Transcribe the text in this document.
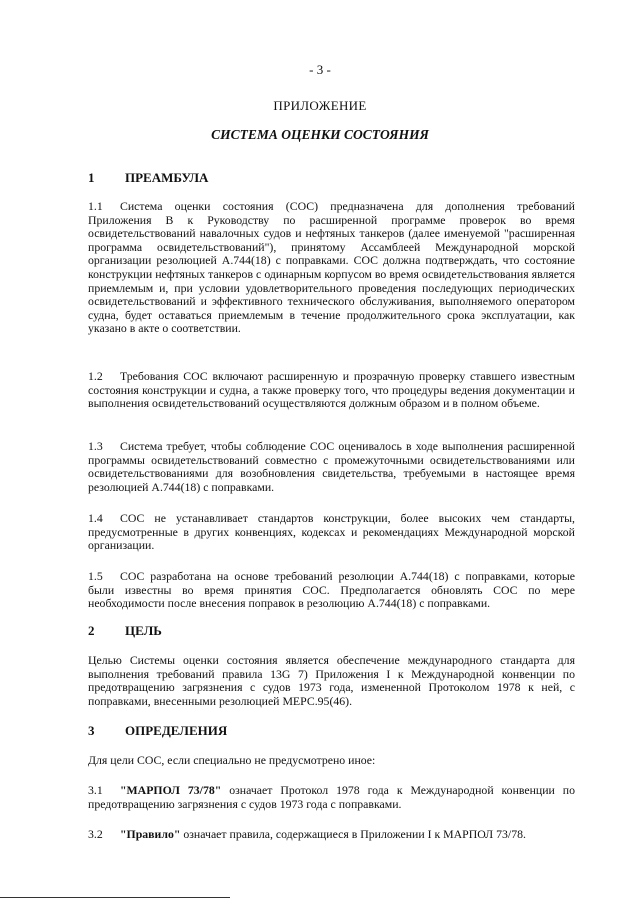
- 3 -
ПРИЛОЖЕНИЕ
СИСТЕМА ОЦЕНКИ СОСТОЯНИЯ
1 ПРЕАМБУЛА
1.1 Система оценки состояния (СОС) предназначена для дополнения требований Приложения В к Руководству по расширенной программе проверок во время освидетельствований навалочных судов и нефтяных танкеров (далее именуемой "расширенная программа освидетельствований"), принятому Ассамблеей Международной морской организации резолюцией А.744(18) с поправками. СОС должна подтверждать, что состояние конструкции нефтяных танкеров с одинарным корпусом во время освидетельствования является приемлемым и, при условии удовлетворительного проведения последующих периодических освидетельствований и эффективного технического обслуживания, выполняемого оператором судна, будет оставаться приемлемым в течение продолжительного срока эксплуатации, как указано в акте о соответствии.
1.2 Требования СОС включают расширенную и прозрачную проверку ставшего известным состояния конструкции и судна, а также проверку того, что процедуры ведения документации и выполнения освидетельствований осуществляются должным образом и в полном объеме.
1.3 Система требует, чтобы соблюдение СОС оценивалось в ходе выполнения расширенной программы освидетельствований совместно с промежуточными освидетельствованиями или освидетельствованиями для возобновления свидетельства, требуемыми в настоящее время резолюцией А.744(18) с поправками.
1.4 СОС не устанавливает стандартов конструкции, более высоких чем стандарты, предусмотренные в других конвенциях, кодексах и рекомендациях Международной морской организации.
1.5 СОС разработана на основе требований резолюции А.744(18) с поправками, которые были известны во время принятия СОС. Предполагается обновлять СОС по мере необходимости после внесения поправок в резолюцию А.744(18) с поправками.
2 ЦЕЛЬ
Целью Системы оценки состояния является обеспечение международного стандарта для выполнения требований правила 13G 7) Приложения I к Международной конвенции по предотвращению загрязнения с судов 1973 года, измененной Протоколом 1978 к ней, с поправками, внесенными резолюцией МЕРС.95(46).
3 ОПРЕДЕЛЕНИЯ
Для цели СОС, если специально не предусмотрено иное:
3.1 "МАРПОЛ 73/78" означает Протокол 1978 года к Международной конвенции по предотвращению загрязнения с судов 1973 года с поправками.
3.2 "Правило" означает правила, содержащиеся в Приложении I к МАРПОЛ 73/78.
